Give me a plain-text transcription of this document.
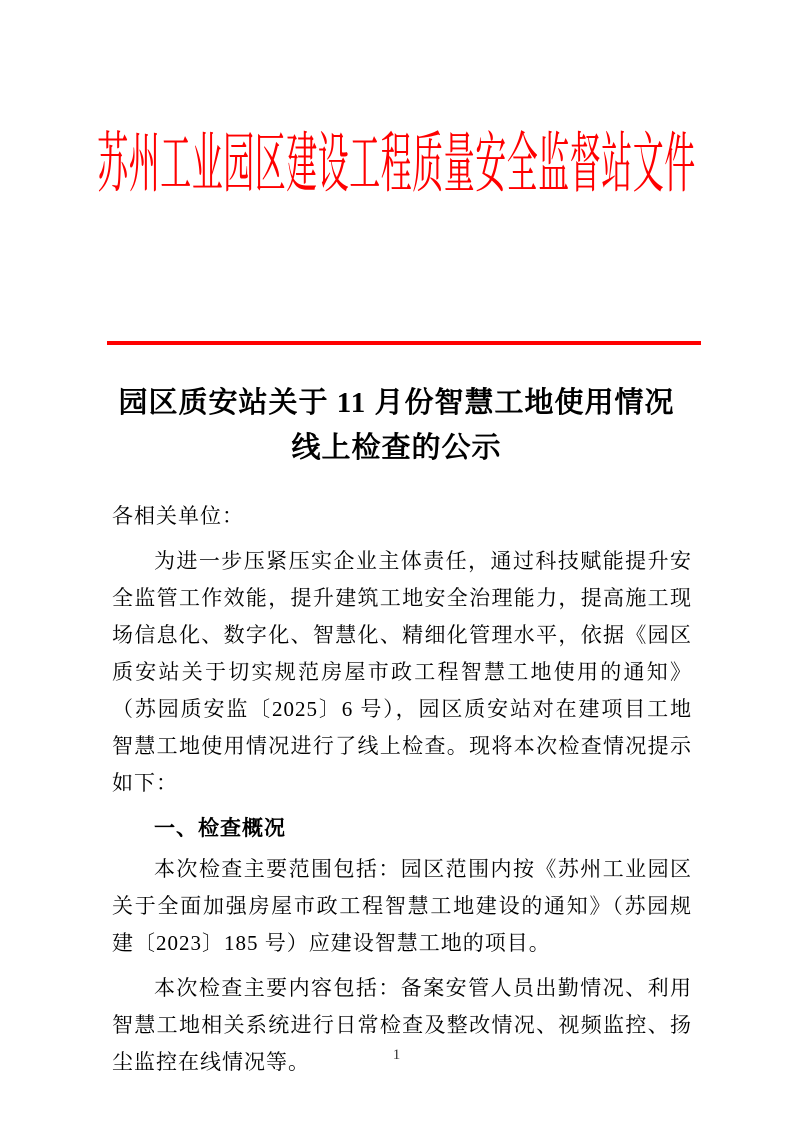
苏州工业园区建设工程质量安全监督站文件
园区质安站关于 11 月份智慧工地使用情况
线上检查的公示

各相关单位：

为进一步压紧压实企业主体责任，通过科技赋能提升安全监管工作效能，提升建筑工地安全治理能力，提高施工现场信息化、数字化、智慧化、精细化管理水平，依据《园区质安站关于切实规范房屋市政工程智慧工地使用的通知》（苏园质安监〔2025〕6 号），园区质安站对在建项目工地智慧工地使用情况进行了线上检查。现将本次检查情况提示如下：

一、检查概况

本次检查主要范围包括：园区范围内按《苏州工业园区关于全面加强房屋市政工程智慧工地建设的通知》（苏园规建〔2023〕185 号）应建设智慧工地的项目。

本次检查主要内容包括：备案安管人员出勤情况、利用智慧工地相关系统进行日常检查及整改情况、视频监控、扬尘监控在线情况等。	1
